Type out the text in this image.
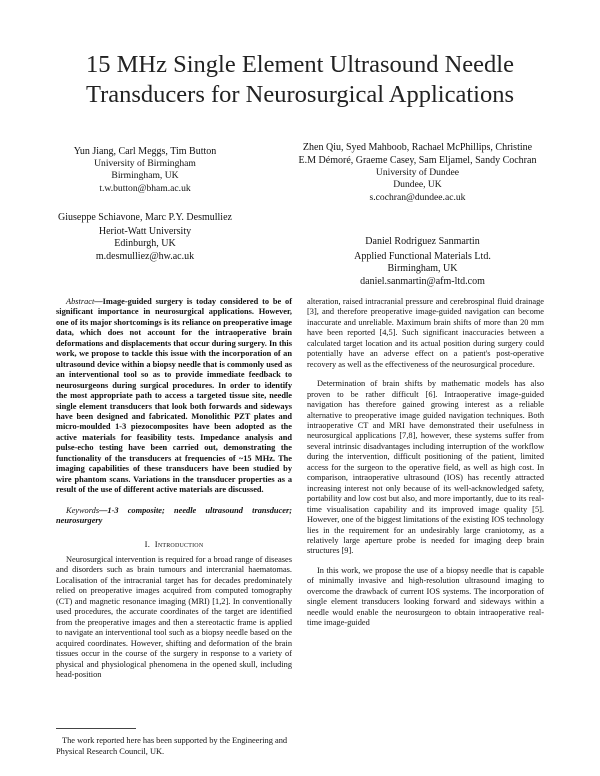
15 MHz Single Element Ultrasound Needle Transducers for Neurosurgical Applications
Yun Jiang, Carl Meggs, Tim Button
University of Birmingham
Birmingham, UK
t.w.button@bham.ac.uk
Giuseppe Schiavone, Marc P.Y. Desmulliez
Heriot-Watt University
Edinburgh, UK
m.desmulliez@hw.ac.uk
Zhen Qiu, Syed Mahboob, Rachael McPhillips, Christine E.M Démoré, Graeme Casey, Sam Eljamel, Sandy Cochran
University of Dundee
Dundee, UK
s.cochran@dundee.ac.uk
Daniel Rodriguez Sanmartin
Applied Functional Materials Ltd.
Birmingham, UK
daniel.sanmartin@afm-ltd.com
Abstract—Image-guided surgery is today considered to be of significant importance in neurosurgical applications. However, one of its major shortcomings is its reliance on preoperative image data, which does not account for the intraoperative brain deformations and displacements that occur during surgery. In this work, we propose to tackle this issue with the incorporation of an ultrasound device within a biopsy needle that is commonly used as an interventional tool so as to provide immediate feedback to neurosurgeons during surgical procedures. In order to identify the most appropriate path to access a targeted tissue site, needle single element transducers that look both forwards and sideways have been designed and fabricated. Monolithic PZT plates and micro-moulded 1-3 piezocomposites have been adopted as the active materials for feasibility tests. Impedance analysis and pulse-echo testing have been carried out, demonstrating the functionality of the transducers at frequencies of ~15 MHz. The imaging capabilities of these transducers have been studied by wire phantom scans. Variations in the transducer properties as a result of the use of different active materials are discussed.
Keywords—1-3 composite; needle ultrasound transducer; neurosurgery
I. Introduction

Neurosurgical intervention is required for a broad range of diseases and disorders such as brain tumours and intercranial haematomas. Localisation of the intracranial target has for decades predominately relied on preoperative images acquired from computed tomography (CT) and magnetic resonance imaging (MRI) [1,2]. In conventionally used procedures, the accurate coordinates of the target are identified from the preoperative images and then a stereotactic frame is applied to navigate an interventional tool such as a biopsy needle based on the acquired coordinates. However, shifting and deformation of the brain tissues occur in the course of the surgery in response to a variety of physical and physiological phenomena in the opened skull, including head-position

alteration, raised intracranial pressure and cerebrospinal fluid drainage [3], and therefore preoperative image-guided navigation can become inaccurate and unreliable. Maximum brain shifts of more than 20 mm have been reported [4,5]. Such significant inaccuracies between a calculated target location and its actual position during surgery could potentially have an adverse effect on a patient's post-operative recovery as well as the effectiveness of the neurosurgical procedure.

Determination of brain shifts by mathematic models has also proven to be rather difficult [6]. Intraoperative image-guided navigation has therefore gained growing interest as a reliable alternative to preoperative image guided navigation techniques. Both intraoperative CT and MRI have demonstrated their usefulness in neurosurgical applications [7,8], however, these systems suffer from several intrinsic disadvantages including interruption of the workflow during the intervention, difficult positioning of the patient, limited access for the surgeon to the operative field, as well as high cost. In comparison, intraoperative ultrasound (IOS) has recently attracted increasing interest not only because of its well-acknowledged safety, portability and low cost but also, and more importantly, due to its real-time visualisation capability and its improved image quality [5]. However, one of the biggest limitations of the existing IOS technology lies in the requirement for an undesirably large craniotomy, as a relatively large aperture probe is needed for imaging deep brain structures [9].

In this work, we propose the use of a biopsy needle that is capable of minimally invasive and high-resolution ultrasound imaging to overcome the drawback of current IOS systems. The incorporation of single element transducers looking forward and sideways within a needle would enable the neurosurgeon to obtain intraoperative real-time image-guided

The work reported here has been supported by the Engineering and Physical Research Council, UK.
